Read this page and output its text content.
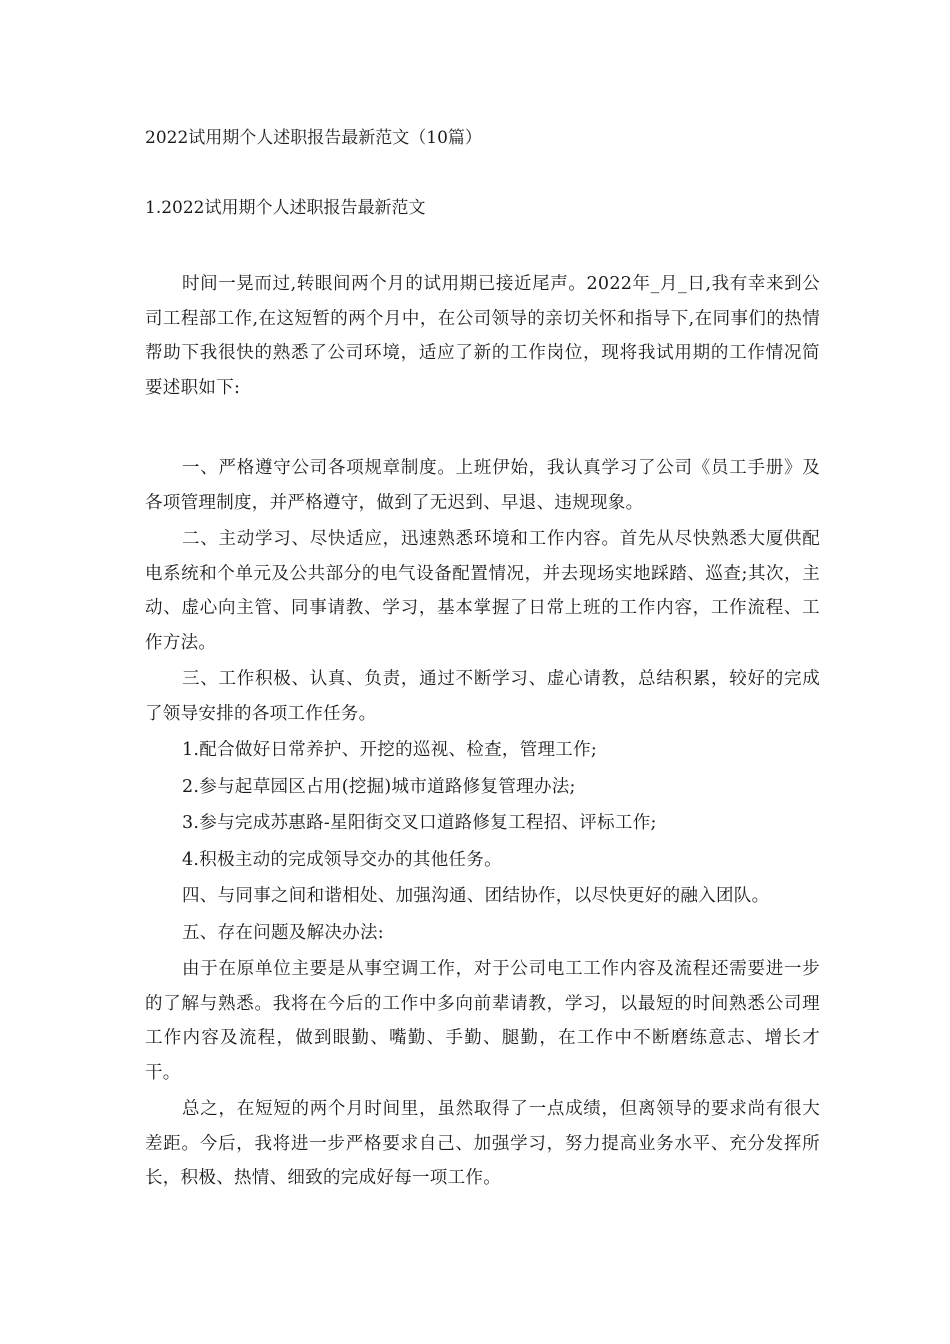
2022试用期个人述职报告最新范文（10篇）

1.2022试用期个人述职报告最新范文

时间一晃而过,转眼间两个月的试用期已接近尾声。2022年_月_日,我有幸来到公司工程部工作,在这短暂的两个月中，在公司领导的亲切关怀和指导下,在同事们的热情帮助下我很快的熟悉了公司环境，适应了新的工作岗位，现将我试用期的工作情况简要述职如下:

一、严格遵守公司各项规章制度。上班伊始，我认真学习了公司《员工手册》及各项管理制度，并严格遵守，做到了无迟到、早退、违规现象。

二、主动学习、尽快适应，迅速熟悉环境和工作内容。首先从尽快熟悉大厦供配电系统和个单元及公共部分的电气设备配置情况，并去现场实地踩踏、巡查;其次，主动、虚心向主管、同事请教、学习，基本掌握了日常上班的工作内容，工作流程、工作方法。

三、工作积极、认真、负责，通过不断学习、虚心请教，总结积累，较好的完成了领导安排的各项工作任务。

1.配合做好日常养护、开挖的巡视、检查，管理工作;

2.参与起草园区占用(挖掘)城市道路修复管理办法;

3.参与完成苏惠路-星阳街交叉口道路修复工程招、评标工作;

4.积极主动的完成领导交办的其他任务。

四、与同事之间和谐相处、加强沟通、团结协作，以尽快更好的融入团队。

五、存在问题及解决办法:

由于在原单位主要是从事空调工作，对于公司电工工作内容及流程还需要进一步的了解与熟悉。我将在今后的工作中多向前辈请教，学习，以最短的时间熟悉公司理工作内容及流程，做到眼勤、嘴勤、手勤、腿勤，在工作中不断磨练意志、增长才干。

总之，在短短的两个月时间里，虽然取得了一点成绩，但离领导的要求尚有很大差距。今后，我将进一步严格要求自己、加强学习，努力提高业务水平、充分发挥所长，积极、热情、细致的完成好每一项工作。
